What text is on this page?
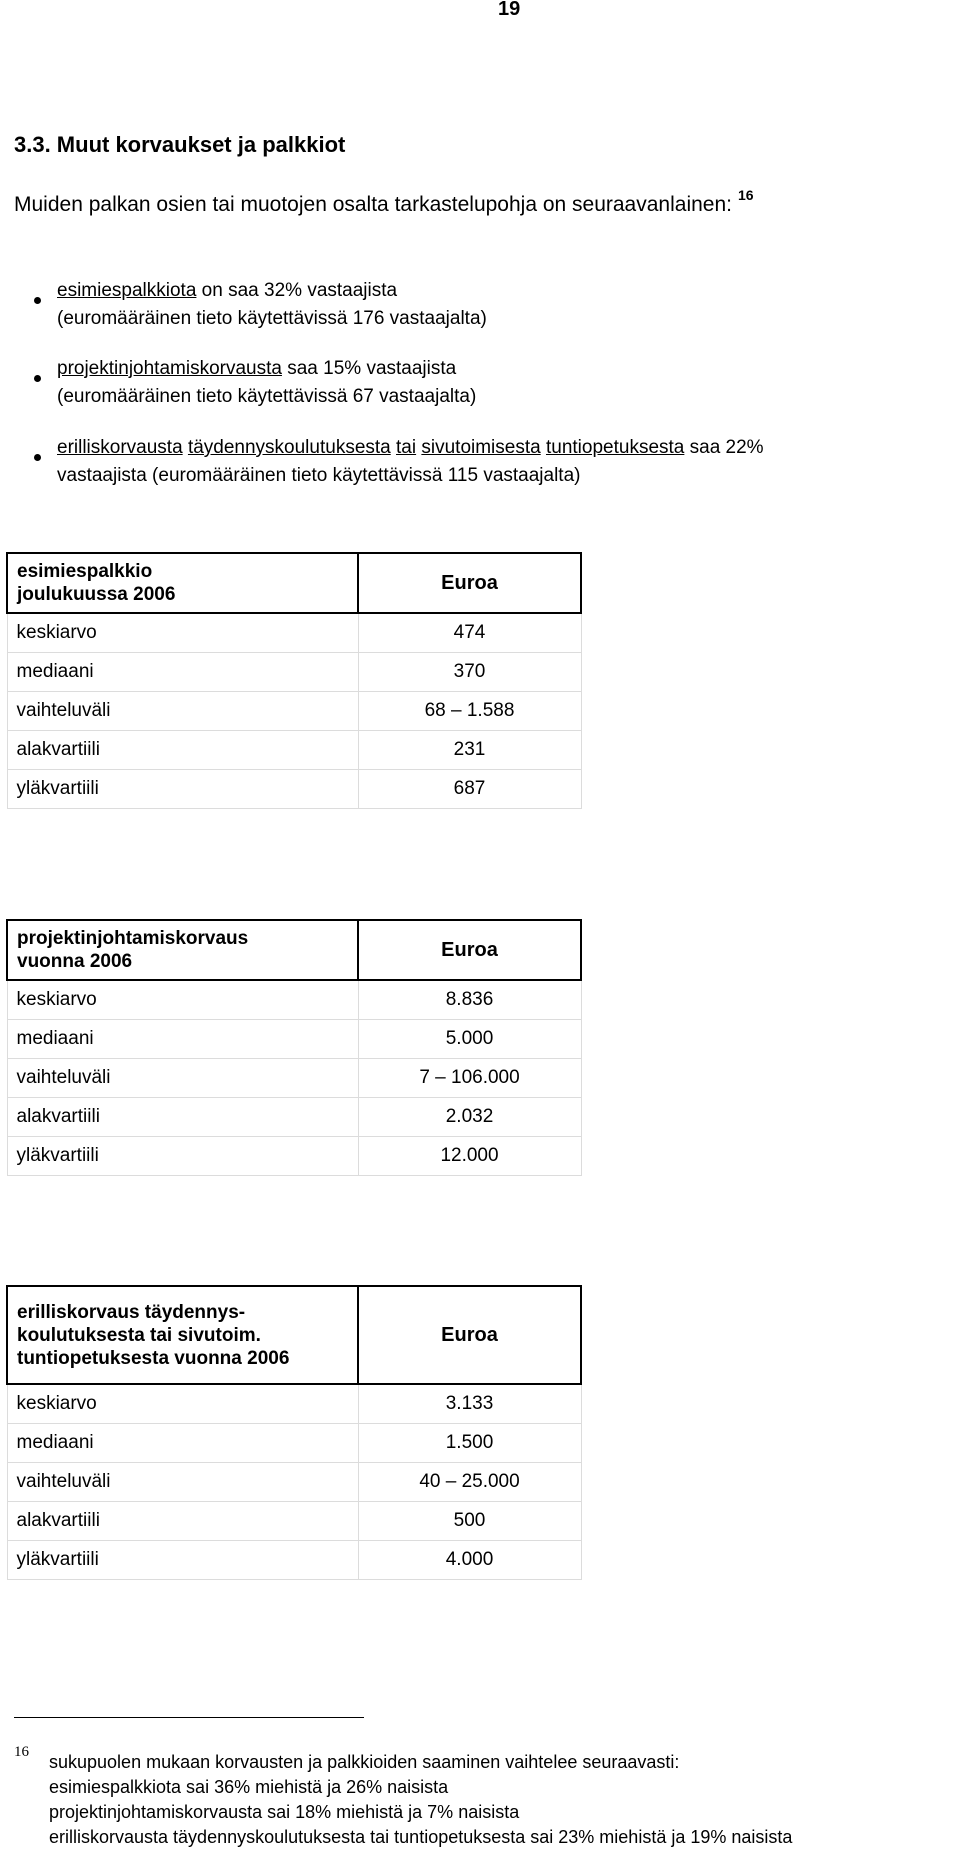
19
3.3. Muut korvaukset ja palkkiot
Muiden palkan osien tai muotojen osalta tarkastelupohja on seuraavanlainen: $^{16}$
esimiespalkkiota on saa 32% vastaajista
(euromääräinen tieto käytettävissä 176 vastaajalta)
projektinjohtamiskorvausta saa 15% vastaajista
(euromääräinen tieto käytettävissä 67 vastaajalta)
erilliskorvausta täydennyskoulutuksesta tai sivutoimisesta tuntiopetuksesta saa 22%
vastaajista (euromääräinen tieto käytettävissä 115 vastaajalta)
esimiespalkkio
joulukuussa 2006	Euroa
keskiarvo	474
mediaani	370
vaihteluväli	68 – 1.588
alakvartiili	231
yläkvartiili	687
projektinjohtamiskorvaus
vuonna 2006	Euroa
keskiarvo	8.836
mediaani	5.000
vaihteluväli	7 – 106.000
alakvartiili	2.032
yläkvartiili	12.000
erilliskorvaus täydennys-
koulutuksesta tai sivutoim.
tuntiopetuksesta vuonna 2006	Euroa
keskiarvo	3.133
mediaani	1.500
vaihteluväli	40 – 25.000
alakvartiili	500
yläkvartiili	4.000
16 sukupuolen mukaan korvausten ja palkkioiden saaminen vaihtelee seuraavasti:
esimiespalkkiota sai 36% miehistä ja 26% naisista
projektinjohtamiskorvausta sai 18% miehistä ja 7% naisista
erilliskorvausta täydennyskoulutuksesta tai tuntiopetuksesta sai 23% miehistä ja 19% naisista
